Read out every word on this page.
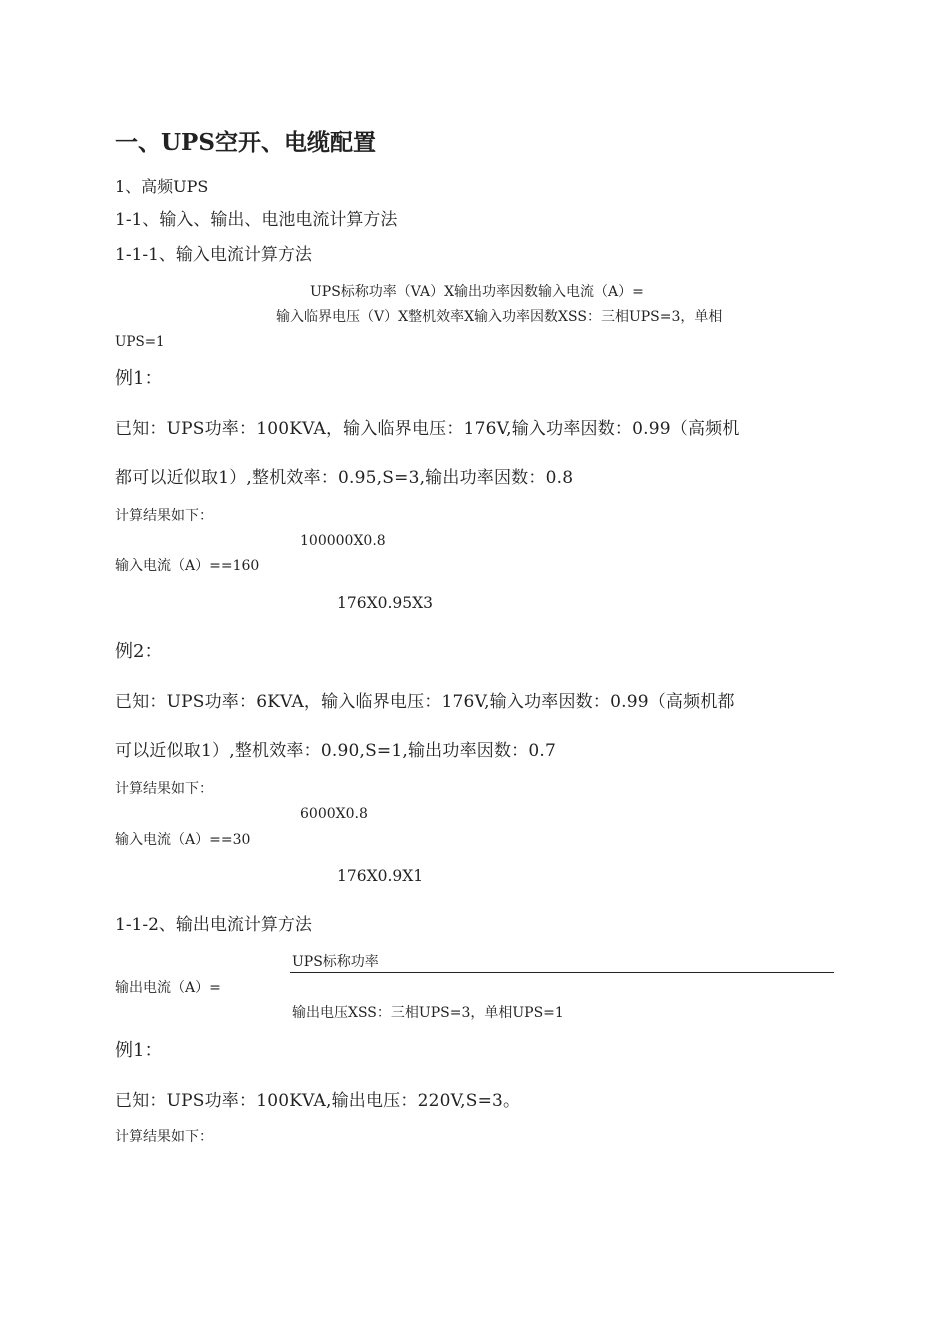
一、UPS空开、电缆配置

1、高频UPS

1-1、输入、输出、电池电流计算方法

1-1-1、输入电流计算方法

UPS标称功率（VA）X输出功率因数输入电流（A）=

输入临界电压（V）X整机效率X输入功率因数XSS：三相UPS=3，单相

UPS=1

例1：

已知：UPS功率：100KVA，输入临界电压：176V,输入功率因数：0.99（高频机

都可以近似取1）,整机效率：0.95,S=3,输出功率因数：0.8

计算结果如下：

100000X0.8

输入电流（A）==160

176X0.95X3

例2：

已知：UPS功率：6KVA，输入临界电压：176V,输入功率因数：0.99（高频机都

可以近似取1）,整机效率：0.90,S=1,输出功率因数：0.7

计算结果如下：

6000X0.8

输入电流（A）==30

176X0.9X1

1-1-2、输出电流计算方法

UPS标称功率

输出电流（A）=

输出电压XSS：三相UPS=3，单相UPS=1

例1：

已知：UPS功率：100KVA,输出电压：220V,S=3。

计算结果如下：
